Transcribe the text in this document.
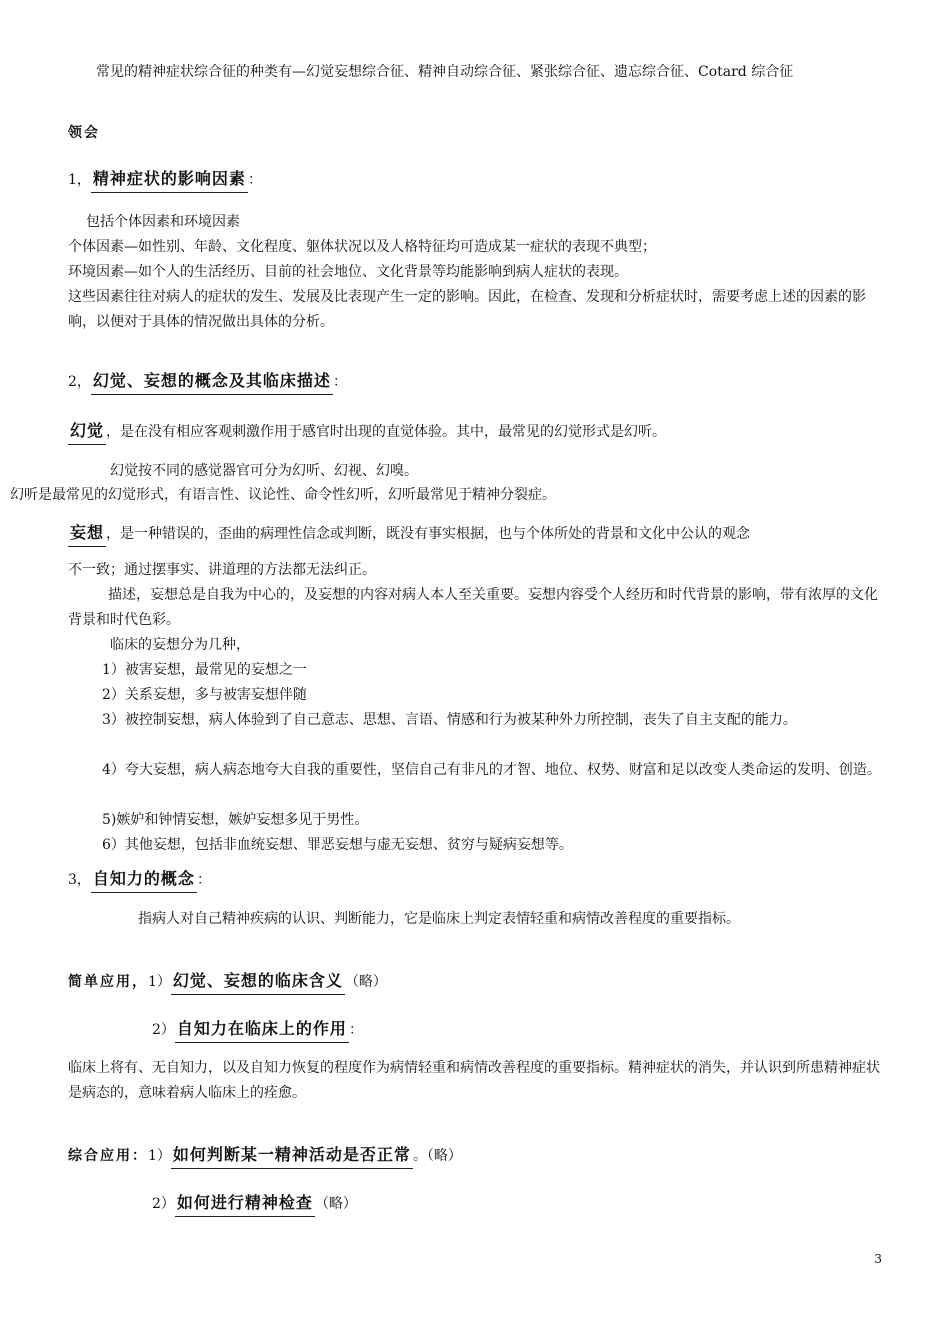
常见的精神症状综合征的种类有—幻觉妄想综合征、精神自动综合征、紧张综合征、遗忘综合征、Cotard 综合征
领会
1， 精神症状的影响因素 ：
包括个体因素和环境因素
个体因素—如性别、年龄、文化程度、躯体状况以及人格特征均可造成某一症状的表现不典型；
环境因素—如个人的生活经历、目前的社会地位、文化背景等均能影响到病人症状的表现。
这些因素往往对病人的症状的发生、发展及比表现产生一定的影响。因此，在检查、发现和分析症状时，需要考虑上述的因素的影响，以便对于具体的情况做出具体的分析。
2， 幻觉、妄想的概念及其临床描述 ：
幻觉 ，是在没有相应客观刺激作用于感官时出现的直觉体验。其中，最常见的幻觉形式是幻听。
幻觉按不同的感觉器官可分为幻听、幻视、幻嗅。
幻听是最常见的幻觉形式，有语言性、议论性、命令性幻听，幻听最常见于精神分裂症。
妄想 ，是一种错误的，歪曲的病理性信念或判断，既没有事实根据，也与个体所处的背景和文化中公认的观念
不一致；通过摆事实、讲道理的方法都无法纠正。
描述，妄想总是自我为中心的，及妄想的内容对病人本人至关重要。妄想内容受个人经历和时代背景的影响，带有浓厚的文化背景和时代色彩。
临床的妄想分为几种，
1）被害妄想，最常见的妄想之一
2）关系妄想，多与被害妄想伴随
3）被控制妄想，病人体验到了自己意志、思想、言语、情感和行为被某种外力所控制，丧失了自主支配的能力。
4）夸大妄想，病人病态地夸大自我的重要性，坚信自己有非凡的才智、地位、权势、财富和足以改变人类命运的发明、创造。
5)嫉妒和钟情妄想，嫉妒妄想多见于男性。
6）其他妄想，包括非血统妄想、罪恶妄想与虚无妄想、贫穷与疑病妄想等。
3， 自知力的概念 ：
指病人对自己精神疾病的认识、判断能力，它是临床上判定表情轻重和病情改善程度的重要指标。
简单应用，1） 幻觉、妄想的临床含义 （略）
2） 自知力在临床上的作用 ：
临床上将有、无自知力，以及自知力恢复的程度作为病情轻重和病情改善程度的重要指标。精神症状的消失，并认识到所患精神症状是病态的，意味着病人临床上的痊愈。
综合应用：1） 如何判断某一精神活动是否正常 。（略）
2） 如何进行精神检查 （略）
3
